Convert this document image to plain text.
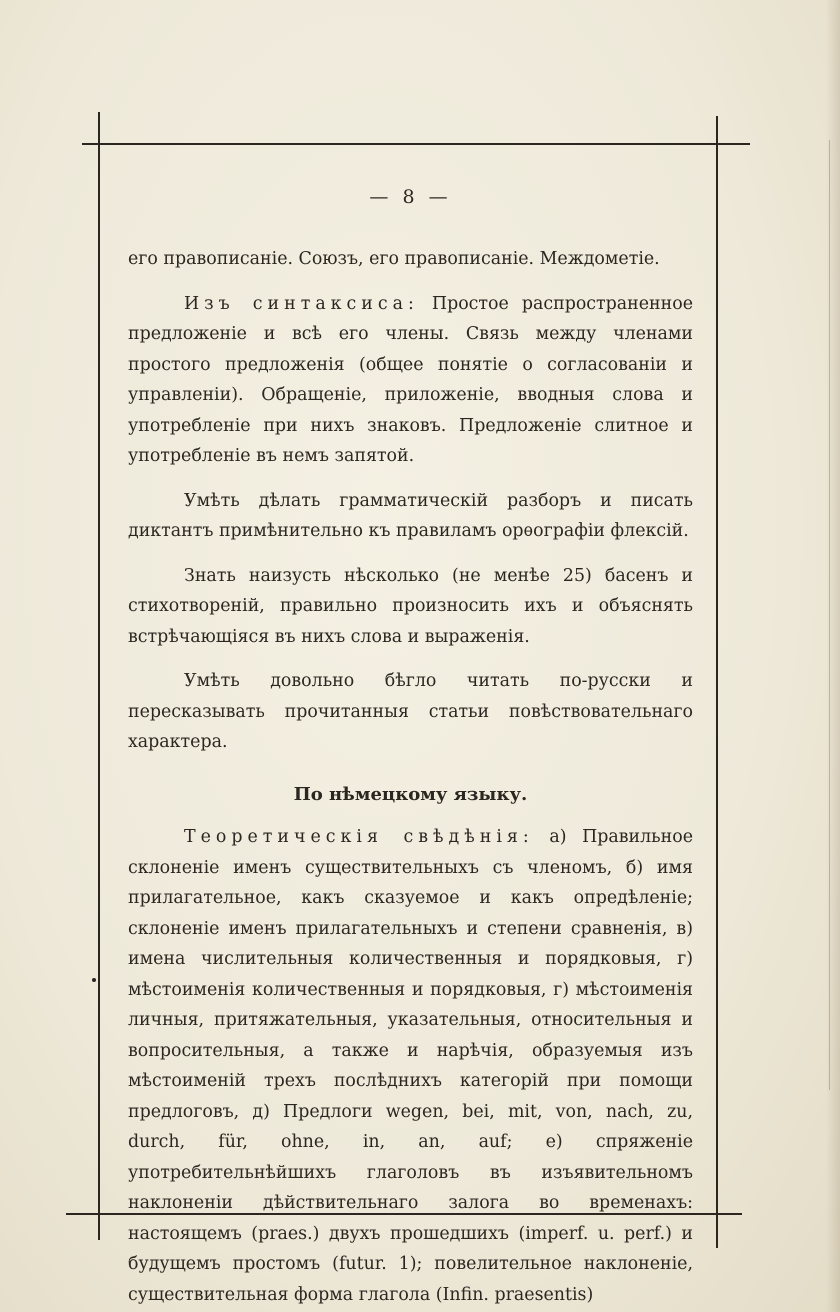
— 8 —

его правописаніе. Союзъ, его правописаніе. Междометіе.

Изъ синтаксиса: Простое распространенное предложеніе и всѣ его члены. Связь между членами простого предложенія (общее понятіе о согласованіи и управленіи). Обращеніе, приложеніе, вводныя слова и употребленіе при нихъ знаковъ. Предложеніе слитное и употребленіе въ немъ запятой.

Умѣть дѣлать грамматическій разборъ и писать диктантъ примѣнительно къ правиламъ орѳографіи флексій.

Знать наизусть нѣсколько (не менѣе 25) басенъ и стихотвореній, правильно произносить ихъ и объяснять встрѣчающіяся въ нихъ слова и выраженія.

Умѣть довольно бѣгло читать по-русски и пересказывать прочитанныя статьи повѣствовательнаго характера.

По нѣмецкому языку.

Теоретическія свѣдѣнія: а) Правильное склоненіе именъ существительныхъ съ членомъ, б) имя прилагательное, какъ сказуемое и какъ опредѣленіе; склоненіе именъ прилагательныхъ и степени сравненія, в) имена числительныя количественныя и порядковыя, г) мѣстоименія количественныя и порядковыя, г) мѣстоименія личныя, притяжательныя, указательныя, относительныя и вопросительныя, а также и нарѣчія, образуемыя изъ мѣстоименій трехъ послѣднихъ категорій при помощи предлоговъ, д) Предлоги wegen, bei, mit, von, nach, zu, durch, für, ohne, in, an, auf; е) спряженіе употребительнѣйшихъ глаголовъ въ изъявительномъ наклоненіи дѣйствительнаго залога во временахъ: настоящемъ (praes.) двухъ прошедшихъ (imperf. u. perf.) и будущемъ простомъ (futur. 1); повелительное наклоненіе, существительная форма глагола (Infin. praesentis)
